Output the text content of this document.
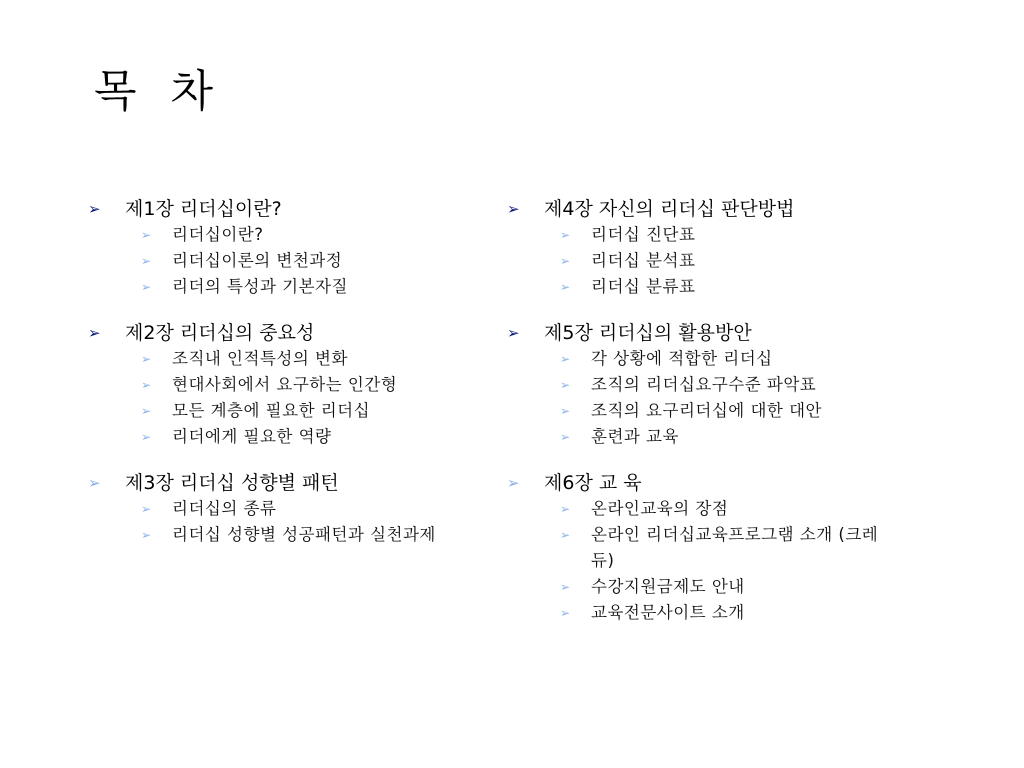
목 차
➢	제1장 리더십이란?
➢	리더십이란?
➢	리더십이론의 변천과정
➢	리더의 특성과 기본자질
➢	제2장 리더십의 중요성
➢	조직내 인적특성의 변화
➢	현대사회에서 요구하는 인간형
➢	모든 계층에 필요한 리더십
➢	리더에게 필요한 역량
➢	제3장 리더십 성향별 패턴
➢	리더십의 종류
➢	리더십 성향별 성공패턴과 실천과제
➢	제4장 자신의 리더십 판단방법
➢	리더십 진단표
➢	리더십 분석표
➢	리더십 분류표
➢	제5장 리더십의 활용방안
➢	각 상황에 적합한 리더십
➢	조직의 리더십요구수준 파악표
➢	조직의 요구리더십에 대한 대안
➢	훈련과 교육
➢	제6장 교 육
➢	온라인교육의 장점
➢	온라인 리더십교육프로그램 소개 (크레듀)
➢	수강지원금제도 안내
➢	교육전문사이트 소개
